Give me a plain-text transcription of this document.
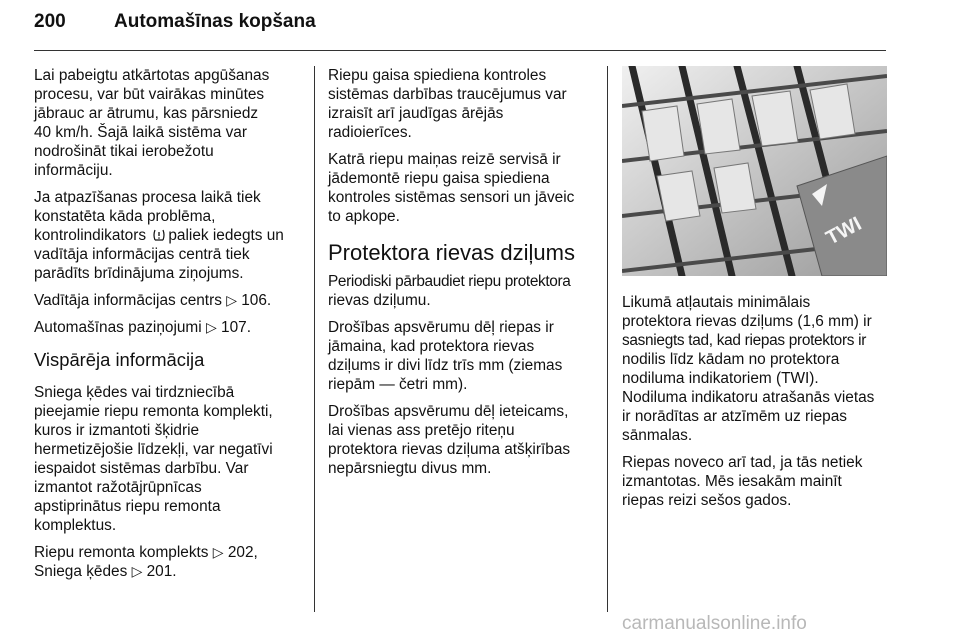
200	Automašīnas kopšana

Lai pabeigtu atkārtotas apgūšanas
procesu, var būt vairākas minūtes
jābrauc ar ātrumu, kas pārsniedz
40 km/h. Šajā laikā sistēma var
nodrošināt tikai ierobežotu
informāciju.

Ja atpazīšanas procesa laikā tiek
konstatēta kāda problēma,
kontrolindikators paliek iedegts un
vadītāja informācijas centrā tiek
parādīts brīdinājuma ziņojums.

Vadītāja informācijas centrs ▷ 106.

Automašīnas paziņojumi ▷ 107.

Vispārēja informācija

Sniega ķēdes vai tirdzniecībā
pieejamie riepu remonta komplekti,
kuros ir izmantoti šķidrie
hermetizējošie līdzekļi, var negatīvi
iespaidot sistēmas darbību. Var
izmantot ražotājrūpnīcas
apstiprinātus riepu remonta
komplektus.

Riepu remonta komplekts ▷ 202,
Sniega ķēdes ▷ 201.

Riepu gaisa spiediena kontroles
sistēmas darbības traucējumus var
izraisīt arī jaudīgas ārējās
radioierīces.

Katrā riepu maiņas reizē servisā ir
jādemontē riepu gaisa spiediena
kontroles sistēmas sensori un jāveic
to apkope.

Protektora rievas dziļums

Periodiski pārbaudiet riepu protektora
rievas dziļumu.

Drošības apsvērumu dēļ riepas ir
jāmaina, kad protektora rievas
dziļums ir divi līdz trīs mm (ziemas
riepām — četri mm).

Drošības apsvērumu dēļ ieteicams,
lai vienas ass pretējo riteņu
protektora rievas dziļuma atšķirības
nepārsniegtu divus mm.

TWI

Likumā atļautais minimālais
protektora rievas dziļums (1,6 mm) ir
sasniegts tad, kad riepas protektors ir
nodilis līdz kādam no protektora
nodiluma indikatoriem (TWI).
Nodiluma indikatoru atrašanās vietas
ir norādītas ar atzīmēm uz riepas
sānmalas.

Riepas noveco arī tad, ja tās netiek
izmantotas. Mēs iesakām mainīt
riepas reizi sešos gados.

carmanualsonline.info
